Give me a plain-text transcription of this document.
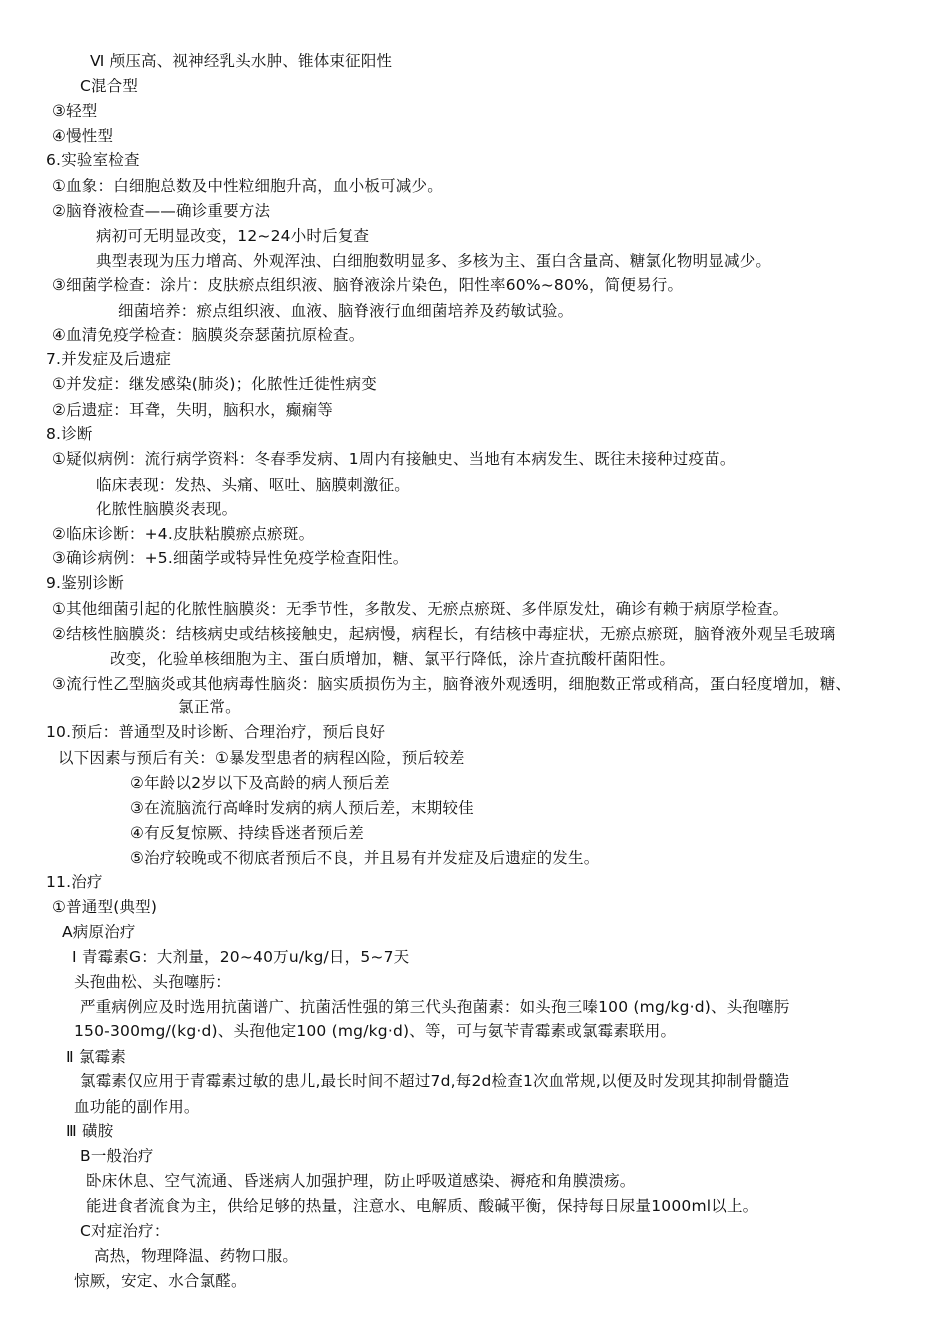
Ⅵ 颅压高、视神经乳头水肿、锥体束征阳性
C混合型
③轻型
④慢性型
6.实验室检查
①血象：白细胞总数及中性粒细胞升高，血小板可减少。
②脑脊液检查——确诊重要方法
病初可无明显改变，12~24小时后复查
典型表现为压力增高、外观浑浊、白细胞数明显多、多核为主、蛋白含量高、糖氯化物明显减少。
③细菌学检查：涂片：皮肤瘀点组织液、脑脊液涂片染色，阳性率60%~80%，简便易行。
细菌培养：瘀点组织液、血液、脑脊液行血细菌培养及药敏试验。
④血清免疫学检查：脑膜炎奈瑟菌抗原检查。
7.并发症及后遗症
①并发症：继发感染(肺炎)；化脓性迁徙性病变
②后遗症：耳聋，失明，脑积水，癫痫等
8.诊断
①疑似病例：流行病学资料：冬春季发病、1周内有接触史、当地有本病发生、既往未接种过疫苗。
临床表现：发热、头痛、呕吐、脑膜刺激征。
化脓性脑膜炎表现。
②临床诊断：+4.皮肤粘膜瘀点瘀斑。
③确诊病例：+5.细菌学或特异性免疫学检查阳性。
9.鉴别诊断
①其他细菌引起的化脓性脑膜炎：无季节性，多散发、无瘀点瘀斑、多伴原发灶，确诊有赖于病原学检查。
②结核性脑膜炎：结核病史或结核接触史，起病慢，病程长，有结核中毒症状，无瘀点瘀斑，脑脊液外观呈毛玻璃
改变，化验单核细胞为主、蛋白质增加，糖、氯平行降低，涂片查抗酸杆菌阳性。
③流行性乙型脑炎或其他病毒性脑炎：脑实质损伤为主，脑脊液外观透明，细胞数正常或稍高，蛋白轻度增加，糖、
氯正常。
10.预后：普通型及时诊断、合理治疗，预后良好
以下因素与预后有关：①暴发型患者的病程凶险，预后较差
②年龄以2岁以下及高龄的病人预后差
③在流脑流行高峰时发病的病人预后差，末期较佳
④有反复惊厥、持续昏迷者预后差
⑤治疗较晚或不彻底者预后不良，并且易有并发症及后遗症的发生。
11.治疗
①普通型(典型)
A病原治疗
Ⅰ 青霉素G：大剂量，20~40万u/kg/日，5~7天
头孢曲松、头孢噻肟：
严重病例应及时选用抗菌谱广、抗菌活性强的第三代头孢菌素：如头孢三嗪100 (mg/kg·d)、头孢噻肟
150-300mg/(kg·d)、头孢他定100 (mg/kg·d)、等，可与氨苄青霉素或氯霉素联用。
Ⅱ 氯霉素
氯霉素仅应用于青霉素过敏的患儿,最长时间不超过7d,每2d检查1次血常规,以便及时发现其抑制骨髓造
血功能的副作用。
Ⅲ 磺胺
B一般治疗
卧床休息、空气流通、昏迷病人加强护理，防止呼吸道感染、褥疮和角膜溃疡。
能进食者流食为主，供给足够的热量，注意水、电解质、酸碱平衡，保持每日尿量1000ml以上。
C对症治疗：
高热，物理降温、药物口服。
惊厥，安定、水合氯醛。
